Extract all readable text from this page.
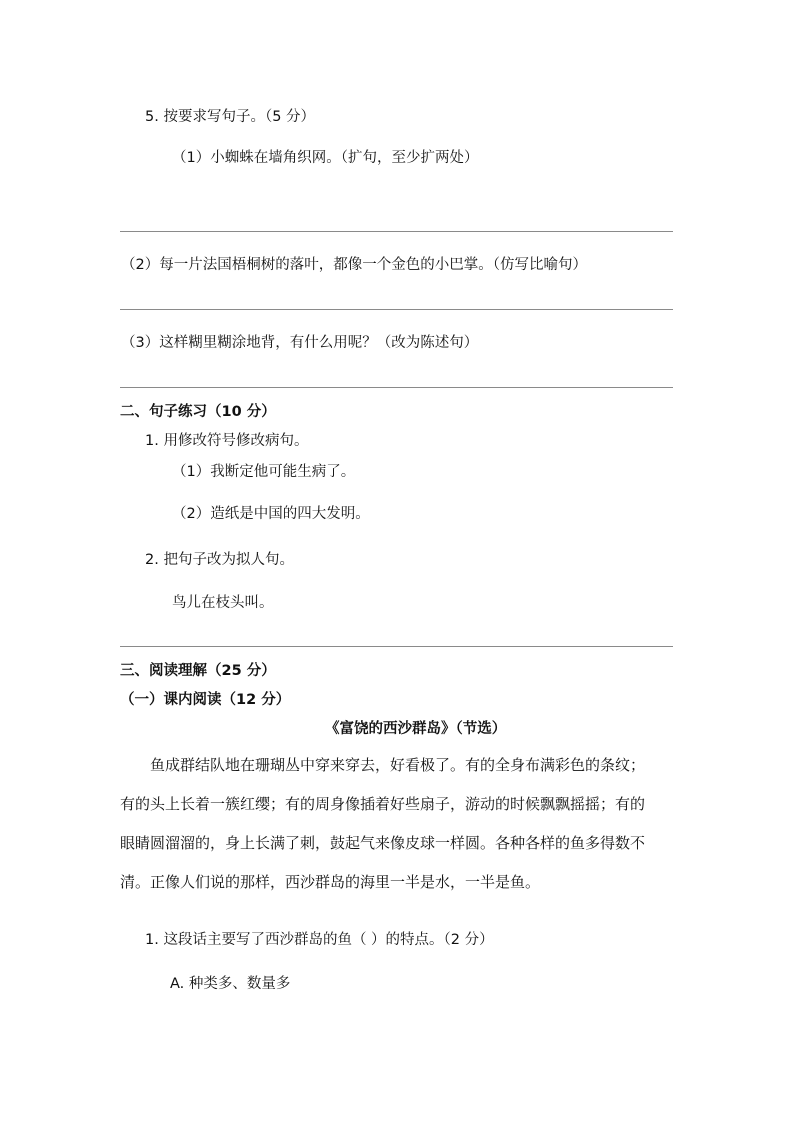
5. 按要求写句子。（5 分）
（1）小蜘蛛在墙角织网。（扩句，至少扩两处）
（2）每一片法国梧桐树的落叶，都像一个金色的小巴掌。（仿写比喻句）
（3）这样糊里糊涂地背，有什么用呢？（改为陈述句）
二、句子练习（10 分）
1. 用修改符号修改病句。
（1）我断定他可能生病了。
（2）造纸是中国的四大发明。
2. 把句子改为拟人句。
鸟儿在枝头叫。
三、阅读理解（25 分）
（一）课内阅读（12 分）
《富饶的西沙群岛》（节选）
鱼成群结队地在珊瑚丛中穿来穿去，好看极了。有的全身布满彩色的条纹；
有的头上长着一簇红缨；有的周身像插着好些扇子，游动的时候飘飘摇摇；有的
眼睛圆溜溜的，身上长满了刺，鼓起气来像皮球一样圆。各种各样的鱼多得数不
清。正像人们说的那样，西沙群岛的海里一半是水，一半是鱼。
1. 这段话主要写了西沙群岛的鱼（ ）的特点。（2 分）
A. 种类多、数量多
